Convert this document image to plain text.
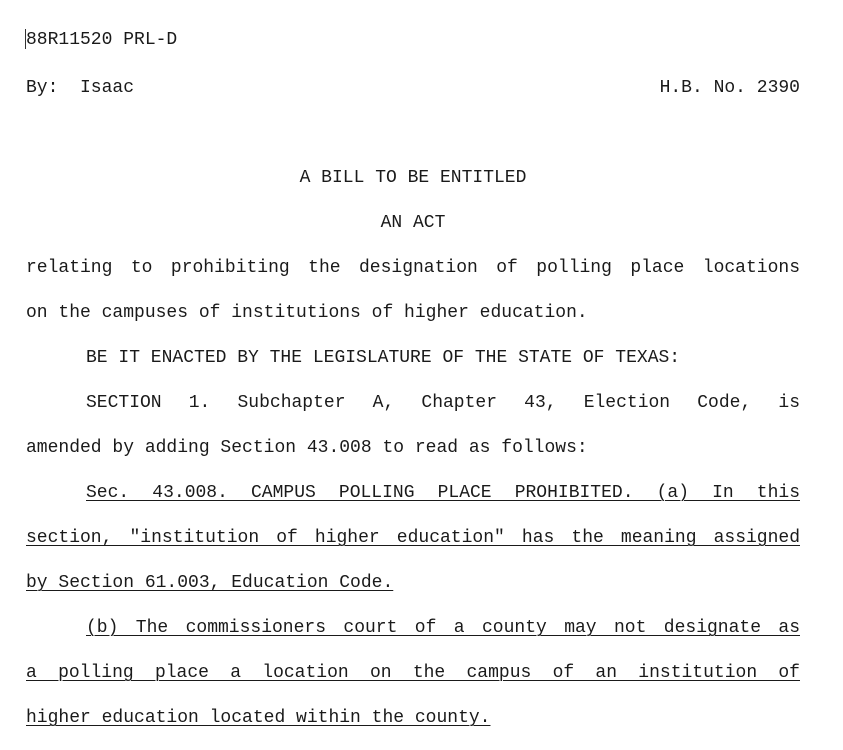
88R11520 PRL-D
By:  Isaac	H.B. No. 2390
A BILL TO BE ENTITLED
AN ACT
relating to prohibiting the designation of polling place locations
on the campuses of institutions of higher education.
BE IT ENACTED BY THE LEGISLATURE OF THE STATE OF TEXAS:
SECTION 1. Subchapter A, Chapter 43, Election Code, is
amended by adding Section 43.008 to read as follows:
Sec. 43.008. CAMPUS POLLING PLACE PROHIBITED. (a) In this
section, "institution of higher education" has the meaning assigned
by Section 61.003, Education Code.
(b) The commissioners court of a county may not designate as
a polling place a location on the campus of an institution of
higher education located within the county.
